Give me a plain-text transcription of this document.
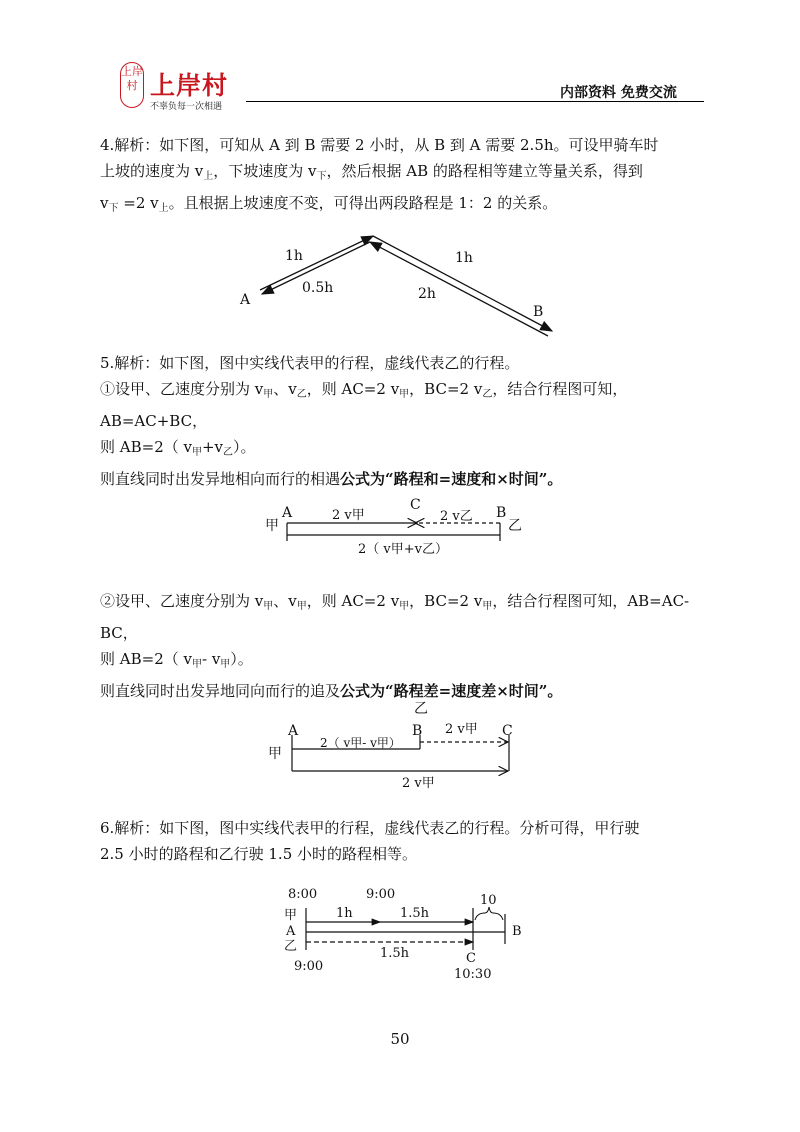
上岸村 上岸村
不辜负每一次相遇
内部资料 免费交流
4.解析：如下图，可知从 A 到 B 需要 2 小时，从 B 到 A 需要 2.5h。可设甲骑车时
上坡的速度为 $v_上$，下坡速度为 $v_下$，然后根据 AB 的路程相等建立等量关系，得到
$v_下 =2$ $v_上$。且根据上坡速度不变，可得出两段路程是 1：2 的关系。
1h
0.5h
A
1h
2h
B
5.解析：如下图，图中实线代表甲的行程，虚线代表乙的行程。
①设甲、乙速度分别为 $v_甲$、$v_乙$，则 AC=2 $v_甲$，BC=2 $v_乙$，结合行程图可知，AB=AC+BC，
则 AB=2（ $v_甲+v_乙$）。
则直线同时出发异地相向而行的相遇公式为“路程和=速度和×时间”。
甲
A	2 v甲
C
2 v乙 B
乙
2（ v甲+v乙）
②设甲、乙速度分别为 $v_甲$、$v_甲$，则 AC=2 $v_甲$，BC=2 $v_甲$，结合行程图可知，AB=AC-BC，
则 AB=2（ $v_甲-$ $v_甲$）。
则直线同时出发异地同向而行的追及公式为“路程差=速度差×时间”。
乙
A	B 2 v甲 C
甲
2（ v甲- v甲）
2 v甲
6.解析：如下图，图中实线代表甲的行程，虚线代表乙的行程。分析可得，甲行驶
2.5 小时的路程和乙行驶 1.5 小时的路程相等。
8:00	9:00
甲
A
乙
1h	1.5h
1.5h
10
B
9:00
C
10:30
50
